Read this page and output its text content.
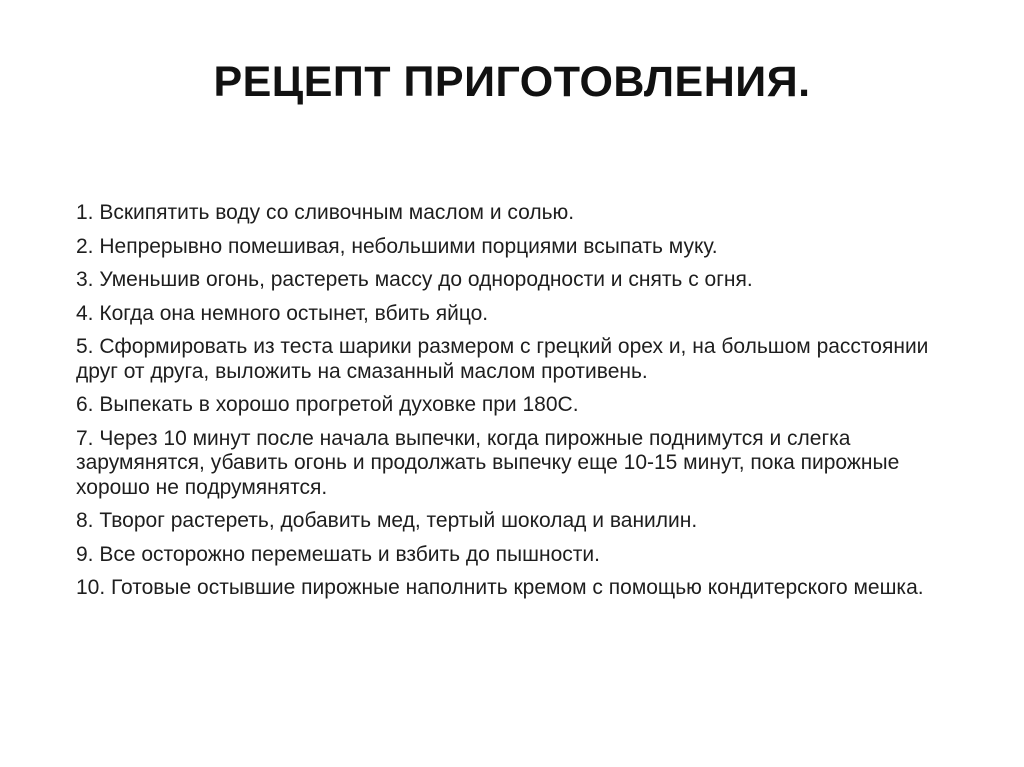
РЕЦЕПТ ПРИГОТОВЛЕНИЯ.
1. Вскипятить воду со сливочным маслом и солью.
2. Непрерывно помешивая, небольшими порциями всыпать муку.
3. Уменьшив огонь, растереть массу до однородности и снять с огня.
4. Когда она немного остынет, вбить яйцо.
5. Сформировать из теста шарики размером с грецкий орех и, на большом расстоянии друг от друга, выложить на смазанный маслом противень.
6. Выпекать в хорошо прогретой духовке при 180С.
7. Через 10 минут после начала выпечки, когда пирожные поднимутся и слегка зарумянятся, убавить огонь и продолжать выпечку еще 10-15 минут, пока пирожные хорошо не подрумянятся.
8. Творог растереть, добавить мед, тертый шоколад и ванилин.
9. Все осторожно перемешать и взбить до пышности.
10. Готовые остывшие пирожные наполнить кремом с помощью кондитерского мешка.
